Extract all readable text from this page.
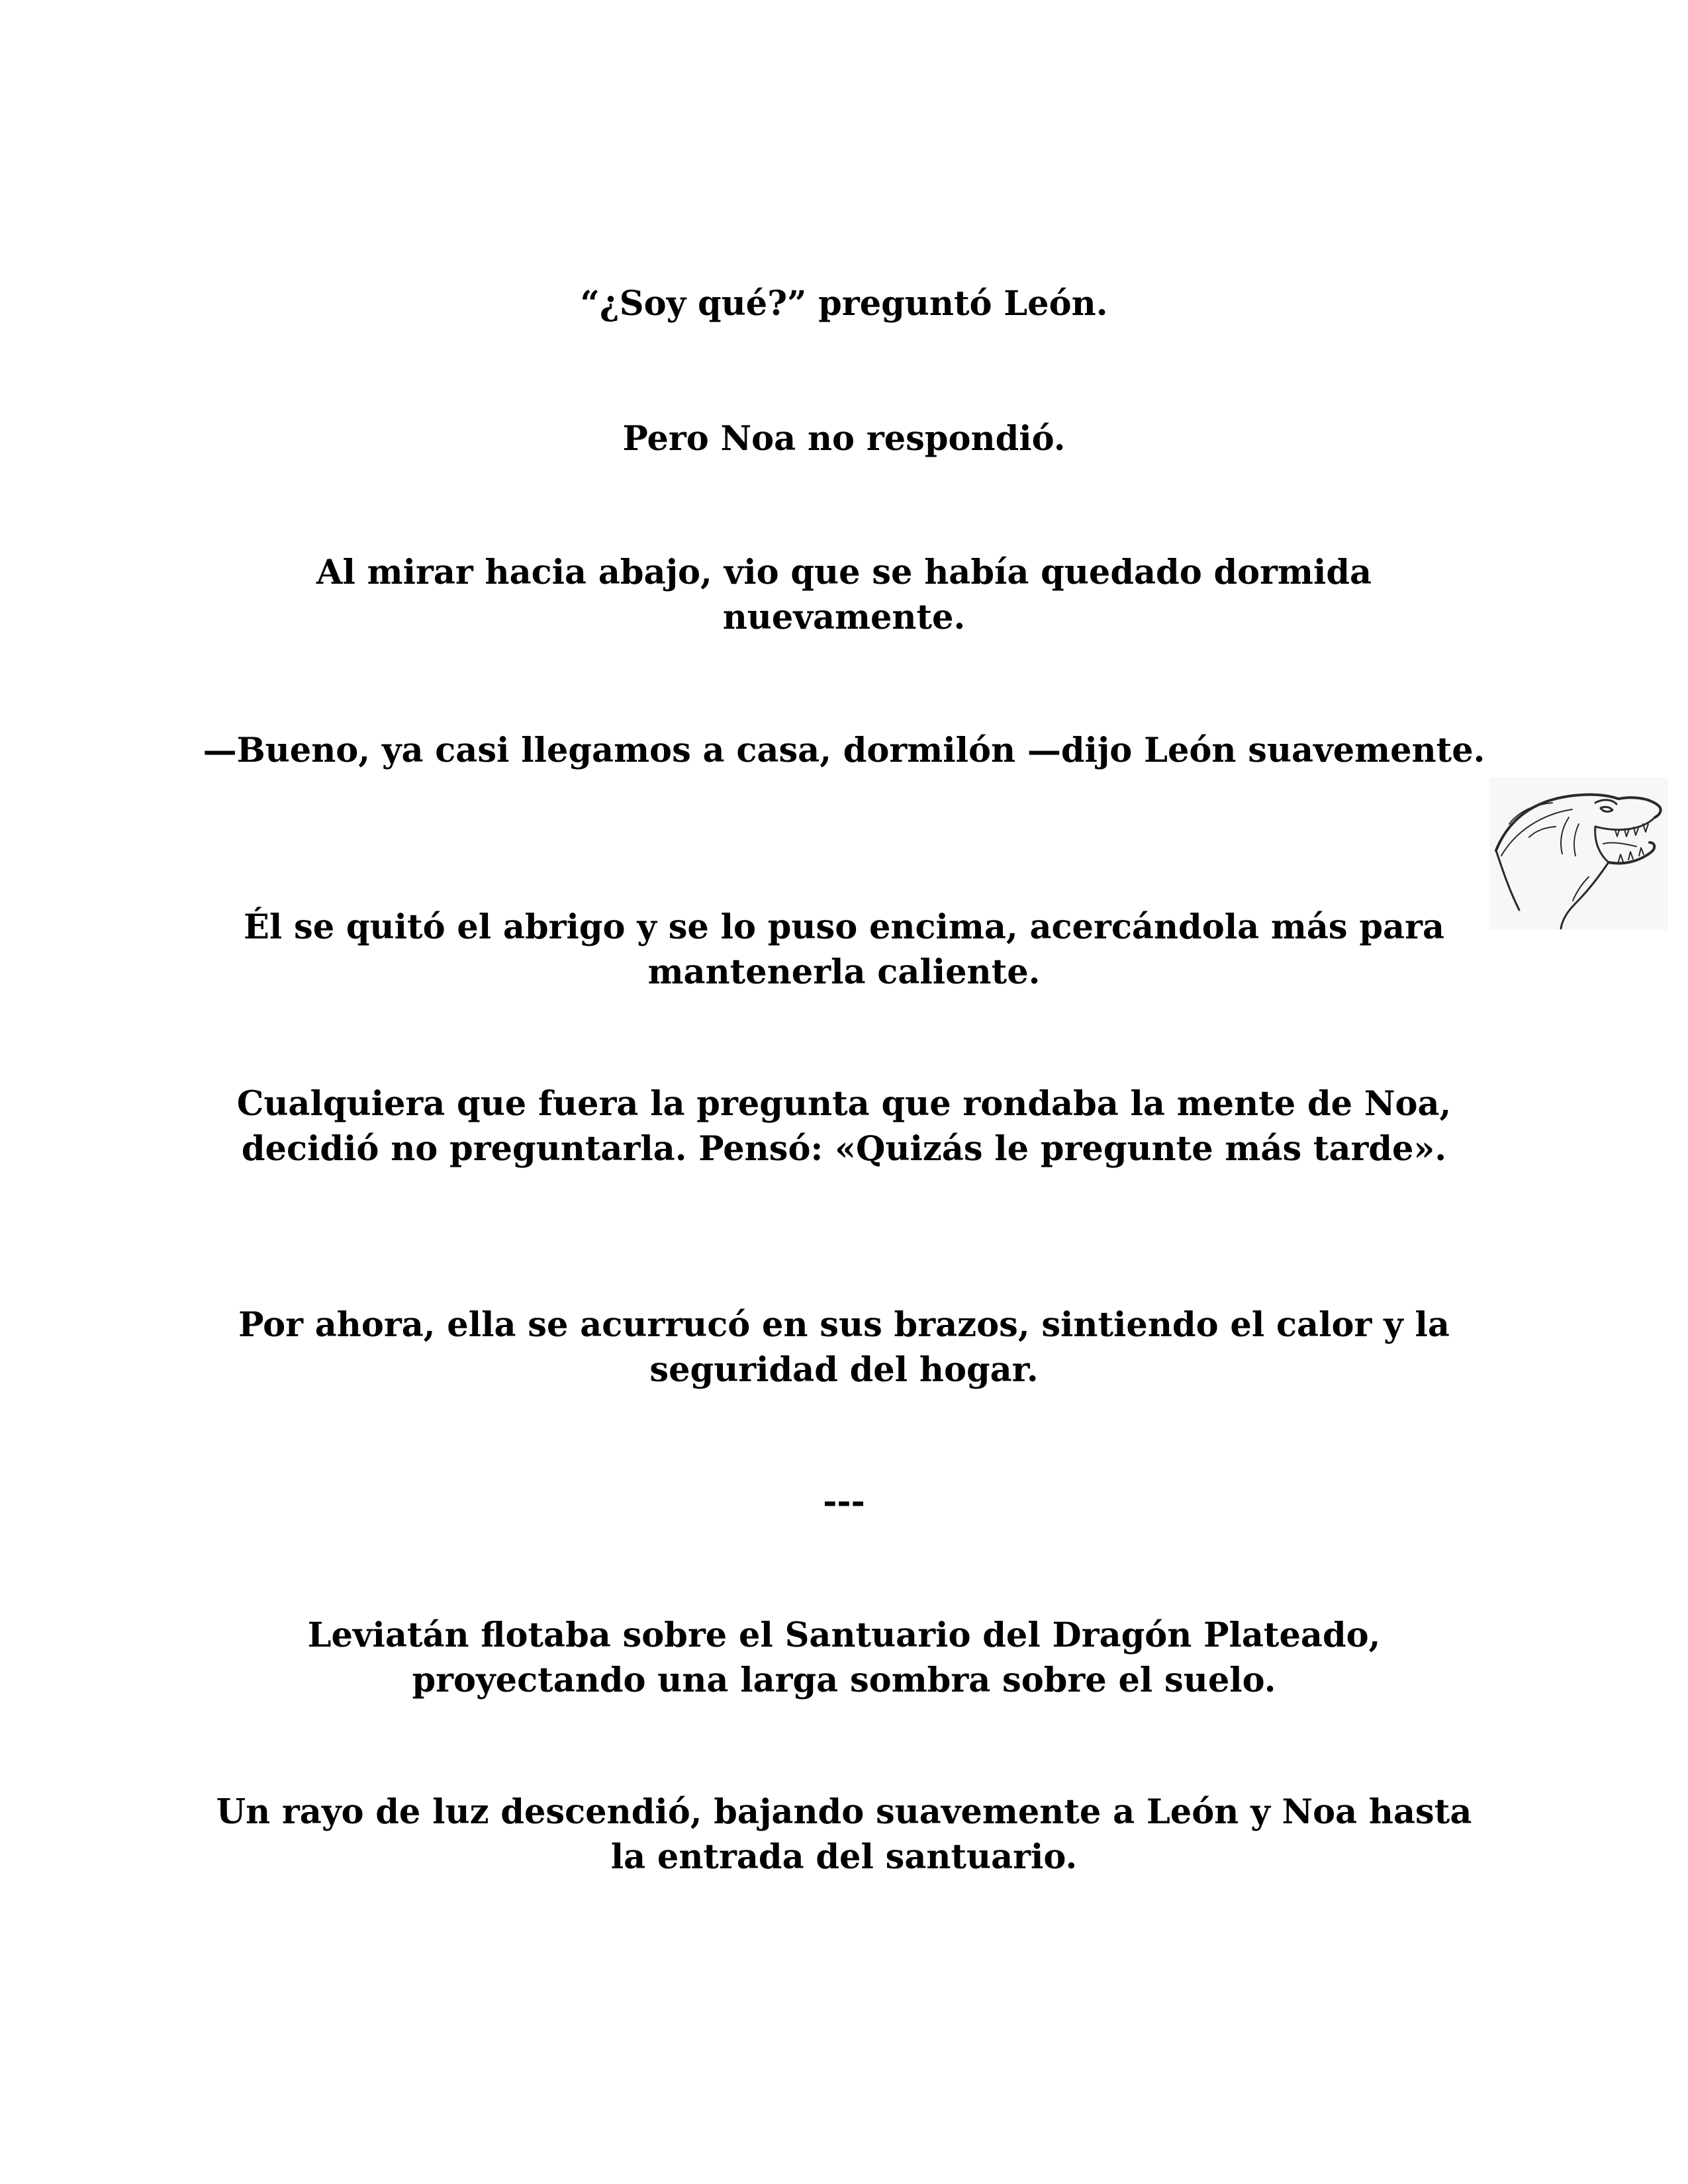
“¿Soy qué?” preguntó León.

Pero Noa no respondió.

Al mirar hacia abajo, vio que se había quedado dormida nuevamente.

—Bueno, ya casi llegamos a casa, dormilón —dijo León suavemente.

Él se quitó el abrigo y se lo puso encima, acercándola más para mantenerla caliente.

Cualquiera que fuera la pregunta que rondaba la mente de Noa, decidió no preguntarla. Pensó: «Quizás le pregunte más tarde».

Por ahora, ella se acurrucó en sus brazos, sintiendo el calor y la seguridad del hogar.

---

Leviatán flotaba sobre el Santuario del Dragón Plateado, proyectando una larga sombra sobre el suelo.

Un rayo de luz descendió, bajando suavemente a León y Noa hasta la entrada del santuario.
